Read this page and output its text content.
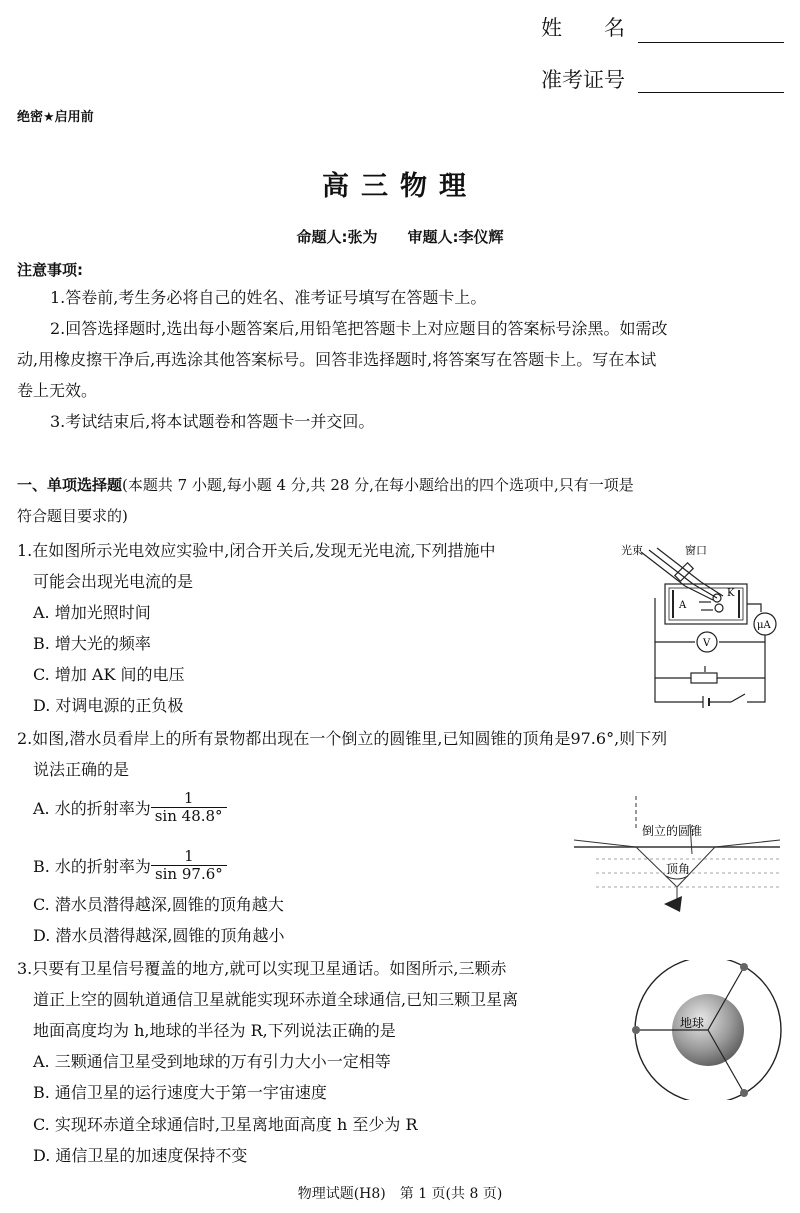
姓　　名
准考证号
绝密★启用前
高三物理
命题人:张为　　审题人:李仪辉
注意事项:
1.答卷前,考生务必将自己的姓名、准考证号填写在答题卡上。
2.回答选择题时,选出每小题答案后,用铅笔把答题卡上对应题目的答案标号涂黑。如需改
动,用橡皮擦干净后,再选涂其他答案标号。回答非选择题时,将答案写在答题卡上。写在本试
卷上无效。
3.考试结束后,将本试题卷和答题卡一并交回。
一、单项选择题(本题共 7 小题,每小题 4 分,共 28 分,在每小题给出的四个选项中,只有一项是
符合题目要求的)
1.在如图所示光电效应实验中,闭合开关后,发现无光电流,下列措施中
可能会出现光电流的是
A. 增加光照时间
B. 增大光的频率
C. 增加 AK 间的电压
D. 对调电源的正负极
光束	窗口
A
K
μA
V
2.如图,潜水员看岸上的所有景物都出现在一个倒立的圆锥里,已知圆锥的顶角是97.6°,则下列
说法正确的是
A. 水的折射率为 $\frac{1}{\sin 48.8^\circ}$
B. 水的折射率为 $\frac{1}{\sin 97.6^\circ}$
C. 潜水员潜得越深,圆锥的顶角越大
D. 潜水员潜得越深,圆锥的顶角越小
倒立的圆锥
顶角
3.只要有卫星信号覆盖的地方,就可以实现卫星通话。如图所示,三颗赤
道正上空的圆轨道通信卫星就能实现环赤道全球通信,已知三颗卫星离
地面高度均为 h,地球的半径为 R,下列说法正确的是
A. 三颗通信卫星受到地球的万有引力大小一定相等
B. 通信卫星的运行速度大于第一宇宙速度
C. 实现环赤道全球通信时,卫星离地面高度 h 至少为 R
D. 通信卫星的加速度保持不变
地球
物理试题(H8)　第 1 页(共 8 页)
